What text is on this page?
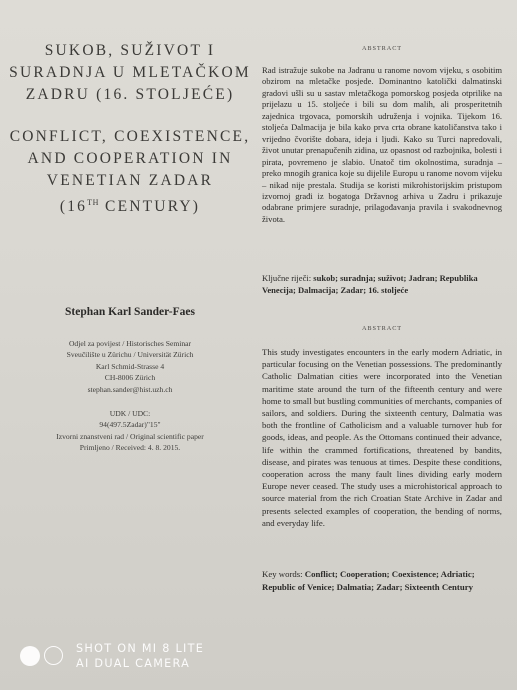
SUKOB, SUŽIVOT I
SURADNJA U MLETAČKOM
ZADRU (16. STOLJEĆE)
CONFLICT, COEXISTENCE,
AND COOPERATION IN
VENETIAN ZADAR
(16TH CENTURY)
Stephan Karl Sander-Faes
Odjel za povijest / Historisches Seminar
Sveučilište u Zürichu / Universität Zürich
Karl Schmid-Strasse 4
CH-8006 Zürich
stephan.sander@hist.uzh.ch
UDK / UDC:
94(497.5Zadar)"15"
Izvorni znanstveni rad / Original scientific paper
Primljeno / Received: 4. 8. 2015.
ABSTRACT
Rad istražuje sukobe na Jadranu u ranome novom vijeku, s osobitim obzirom na mletačke posjede. Dominantno katolički dalmatinski gradovi ušli su u sastav mletačkoga pomorskog posjeda otprilike na prijelazu u 15. stoljeće i bili su dom malih, ali prosperitetnih zajednica trgovaca, pomorskih udruženja i vojnika. Tijekom 16. stoljeća Dalmacija je bila kako prva crta obrane katoličanstva tako i vrijedno čvorište dobara, ideja i ljudi. Kako su Turci napredovali, život unutar prenapučenih zidina, uz opasnost od razbojnika, bolesti i pirata, povremeno je slabio. Unatoč tim okolnostima, suradnja – preko mnogih granica koje su dijelile Europu u ranome novom vijeku – nikad nije prestala. Studija se koristi mikrohistorijskim pristupom izvornoj građi iz bogatoga Državnog arhiva u Zadru i prikazuje odabrane primjere suradnje, prilagođavanja pravila i svakodnevnog života.
Ključne riječi: sukob; suradnja; suživot; Jadran; Republika Venecija; Dalmacija; Zadar; 16. stoljeće
ABSTRACT
This study investigates encounters in the early modern Adriatic, in particular focusing on the Venetian possessions. The predominantly Catholic Dalmatian cities were incorporated into the Venetian maritime state around the turn of the fifteenth century and were home to small but bustling communities of merchants, companies of sailors, and soldiers. During the sixteenth century, Dalmatia was both the frontline of Catholicism and a valuable turnover hub for goods, ideas, and people. As the Ottomans continued their advance, life within the crammed fortifications, threatened by bandits, disease, and pirates was tenuous at times. Despite these conditions, cooperation across the many fault lines dividing early modern Europe never ceased. The study uses a microhistorical approach to source material from the rich Croatian State Archive in Zadar and presents selected examples of cooperation, the bending of norms, and everyday life.
Key words: Conflict; Cooperation; Coexistence; Adriatic; Republic of Venice; Dalmatia; Zadar; Sixteenth Century
SHOT ON MI 8 LITE
AI DUAL CAMERA
